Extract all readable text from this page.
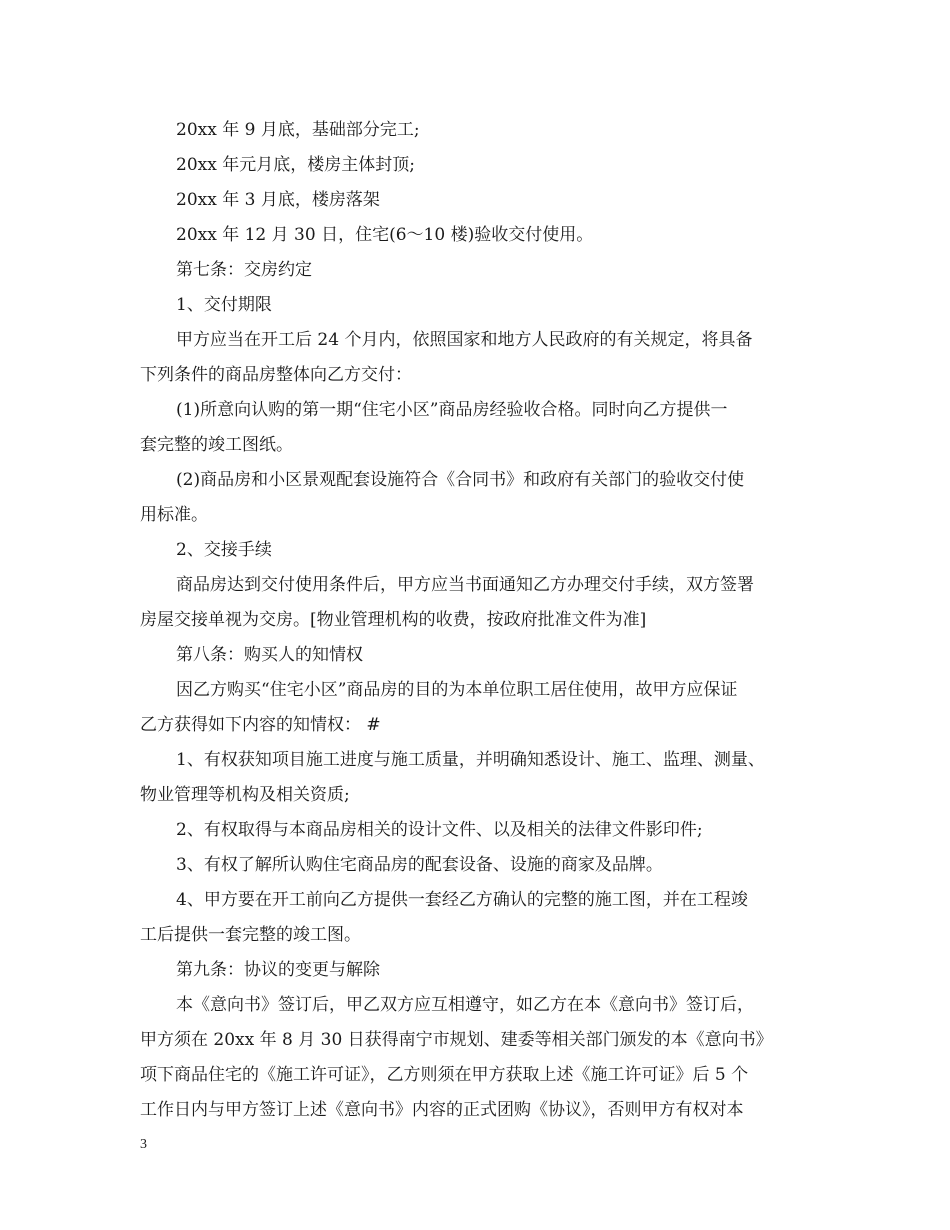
20xx 年 9 月底，基础部分完工;

20xx 年元月底，楼房主体封顶;

20xx 年 3 月底，楼房落架

20xx 年 12 月 30 日，住宅(6～10 楼)验收交付使用。

第七条：交房约定

1、交付期限

甲方应当在开工后 24 个月内，依照国家和地方人民政府的有关规定，将具备
下列条件的商品房整体向乙方交付：

(1)所意向认购的第一期“住宅小区”商品房经验收合格。同时向乙方提供一
套完整的竣工图纸。

(2)商品房和小区景观配套设施符合《合同书》和政府有关部门的验收交付使
用标准。

2、交接手续

商品房达到交付使用条件后，甲方应当书面通知乙方办理交付手续，双方签署
房屋交接单视为交房。[物业管理机构的收费，按政府批准文件为准]

第八条：购买人的知情权

因乙方购买“住宅小区”商品房的目的为本单位职工居住使用，故甲方应保证
乙方获得如下内容的知情权： #

1、有权获知项目施工进度与施工质量，并明确知悉设计、施工、监理、测量、
物业管理等机构及相关资质;

2、有权取得与本商品房相关的设计文件、以及相关的法律文件影印件;

3、有权了解所认购住宅商品房的配套设备、设施的商家及品牌。

4、甲方要在开工前向乙方提供一套经乙方确认的完整的施工图，并在工程竣
工后提供一套完整的竣工图。

第九条：协议的变更与解除

本《意向书》签订后，甲乙双方应互相遵守，如乙方在本《意向书》签订后，
甲方须在 20xx 年 8 月 30 日获得南宁市规划、建委等相关部门颁发的本《意向书》
项下商品住宅的《施工许可证》，乙方则须在甲方获取上述《施工许可证》后 5 个
工作日内与甲方签订上述《意向书》内容的正式团购《协议》，否则甲方有权对本

3
